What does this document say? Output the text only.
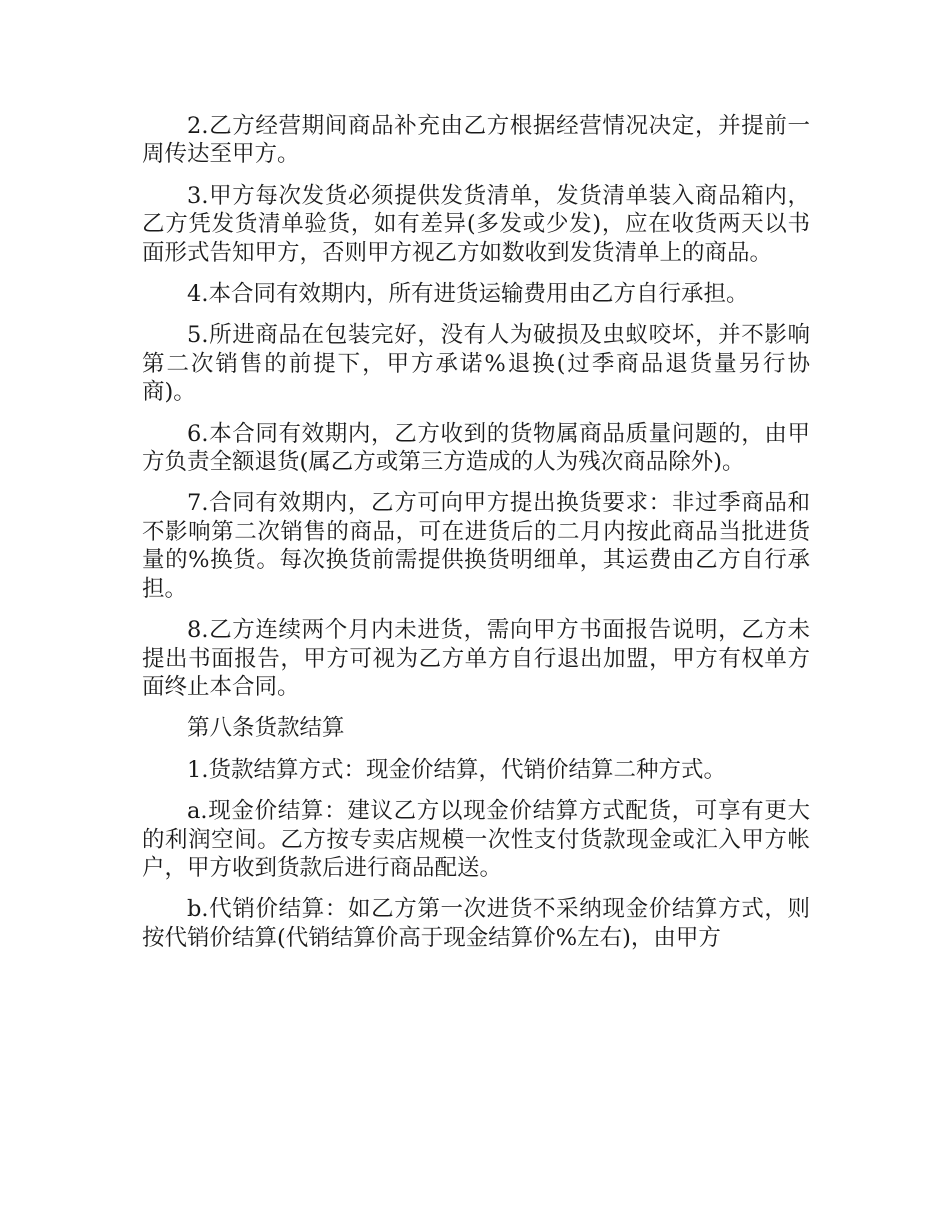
2.乙方经营期间商品补充由乙方根据经营情况决定，并提前一周传达至甲方。

3.甲方每次发货必须提供发货清单，发货清单装入商品箱内，乙方凭发货清单验货，如有差异(多发或少发)，应在收货两天以书面形式告知甲方，否则甲方视乙方如数收到发货清单上的商品。

4.本合同有效期内，所有进货运输费用由乙方自行承担。

5.所进商品在包装完好，没有人为破损及虫蚁咬坏，并不影响第二次销售的前提下，甲方承诺%退换(过季商品退货量另行协商)。

6.本合同有效期内，乙方收到的货物属商品质量问题的，由甲方负责全额退货(属乙方或第三方造成的人为残次商品除外)。

7.合同有效期内，乙方可向甲方提出换货要求：非过季商品和不影响第二次销售的商品，可在进货后的二月内按此商品当批进货量的%换货。每次换货前需提供换货明细单，其运费由乙方自行承担。

8.乙方连续两个月内未进货，需向甲方书面报告说明，乙方未提出书面报告，甲方可视为乙方单方自行退出加盟，甲方有权单方面终止本合同。

第八条货款结算

1.货款结算方式：现金价结算，代销价结算二种方式。

a.现金价结算：建议乙方以现金价结算方式配货，可享有更大的利润空间。乙方按专卖店规模一次性支付货款现金或汇入甲方帐户，甲方收到货款后进行商品配送。

b.代销价结算：如乙方第一次进货不采纳现金价结算方式，则按代销价结算(代销结算价高于现金结算价%左右)，由甲方
